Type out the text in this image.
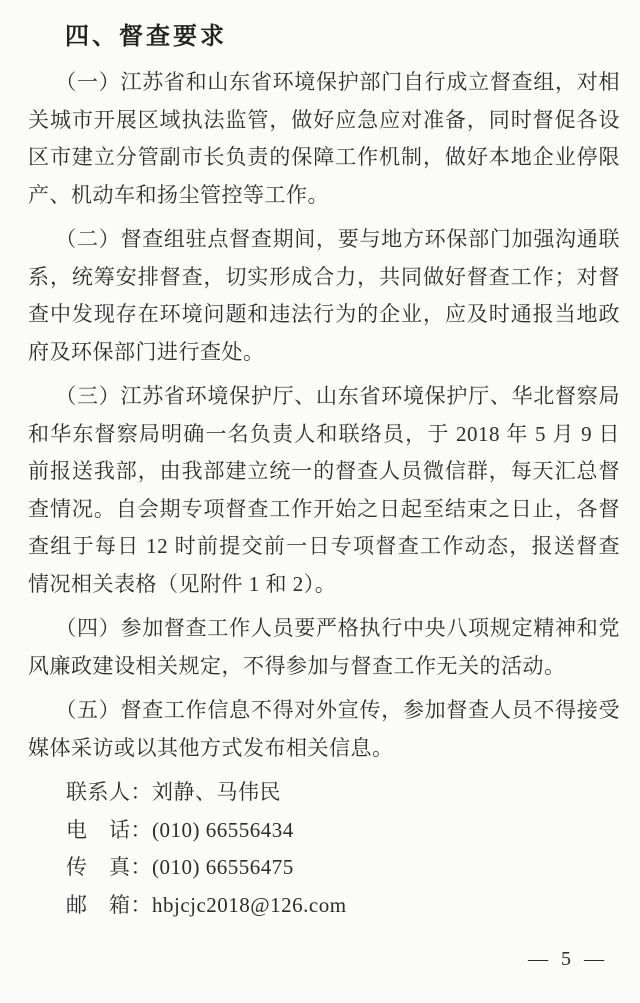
四、督查要求

（一）江苏省和山东省环境保护部门自行成立督查组，对相关城市开展区域执法监管，做好应急应对准备，同时督促各设区市建立分管副市长负责的保障工作机制，做好本地企业停限产、机动车和扬尘管控等工作。

（二）督查组驻点督查期间，要与地方环保部门加强沟通联系，统筹安排督查，切实形成合力，共同做好督查工作；对督查中发现存在环境问题和违法行为的企业，应及时通报当地政府及环保部门进行查处。

（三）江苏省环境保护厅、山东省环境保护厅、华北督察局和华东督察局明确一名负责人和联络员，于 2018 年 5 月 9 日前报送我部，由我部建立统一的督查人员微信群，每天汇总督查情况。自会期专项督查工作开始之日起至结束之日止，各督查组于每日 12 时前提交前一日专项督查工作动态，报送督查情况相关表格（见附件 1 和 2）。

（四）参加督查工作人员要严格执行中央八项规定精神和党风廉政建设相关规定，不得参加与督查工作无关的活动。

（五）督查工作信息不得对外宣传，参加督查人员不得接受媒体采访或以其他方式发布相关信息。

联系人：刘静、马伟民
电　话：(010) 66556434
传　真：(010) 66556475
邮　箱：hbjcjc2018@126.com
— 5 —
